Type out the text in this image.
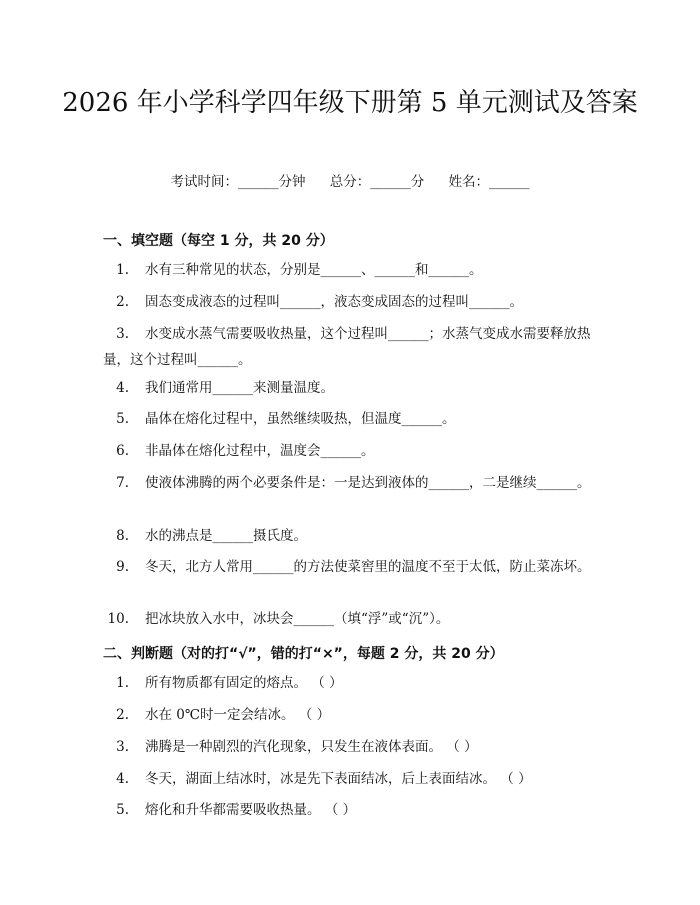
2026 年小学科学四年级下册第 5 单元测试及答案
考试时间：______分钟 总分：______分 姓名：______
一、填空题（每空 1 分，共 20 分）
1. 水有三种常见的状态，分别是______、______和______。
2. 固态变成液态的过程叫______，液态变成固态的过程叫______。
3. 水变成水蒸气需要吸收热量，这个过程叫______；水蒸气变成水需要释放热量，这个过程叫______。
4. 我们通常用______来测量温度。
5. 晶体在熔化过程中，虽然继续吸热，但温度______。
6. 非晶体在熔化过程中，温度会______。
7. 使液体沸腾的两个必要条件是：一是达到液体的______，二是继续______。
8. 水的沸点是______摄氏度。
9. 冬天，北方人常用______的方法使菜窖里的温度不至于太低，防止菜冻坏。
10. 把冰块放入水中，冰块会______（填“浮”或“沉”）。
二、判断题（对的打“√”，错的打“×”，每题 2 分，共 20 分）
1. 所有物质都有固定的熔点。 （ ）
2. 水在 0℃时一定会结冰。 （ ）
3. 沸腾是一种剧烈的汽化现象，只发生在液体表面。 （ ）
4. 冬天，湖面上结冰时，冰是先下表面结冰，后上表面结冰。 （ ）
5. 熔化和升华都需要吸收热量。 （ ）
